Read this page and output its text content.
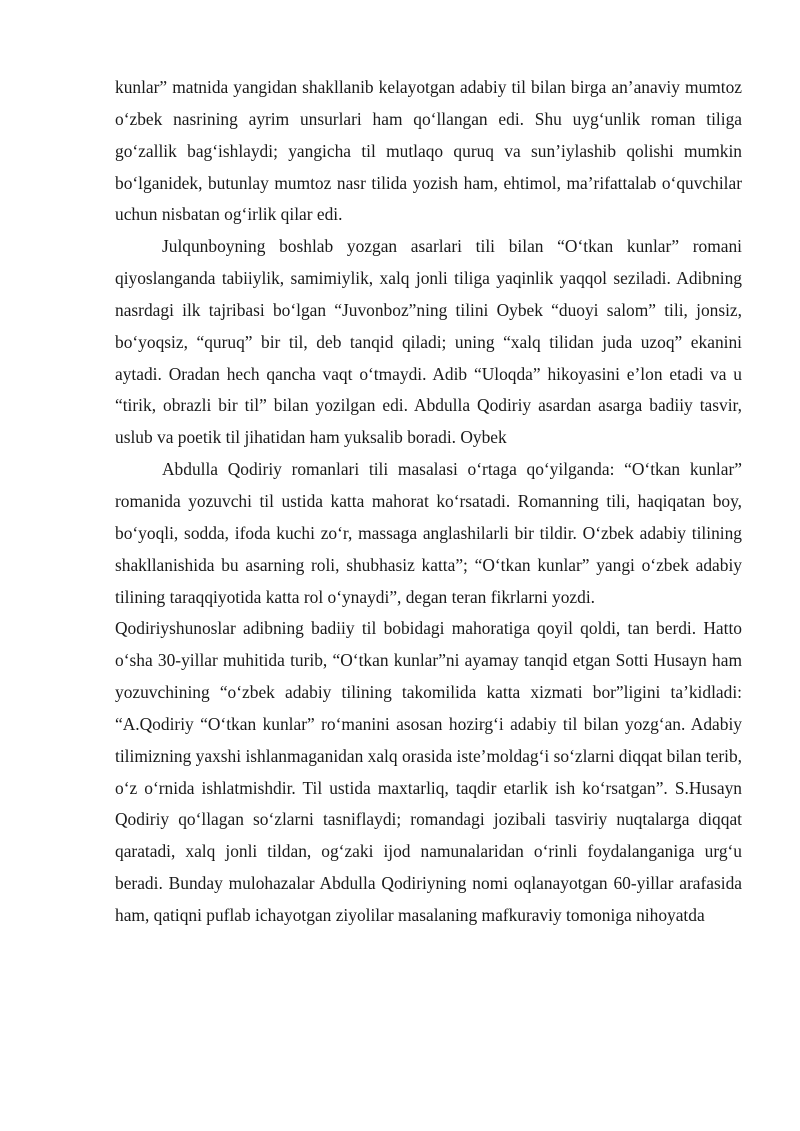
kunlar” matnida yangidan shakllanib kelayotgan adabiy til bilan birga an’anaviy mumtoz o‘zbek nasrining ayrim unsurlari ham qo‘llangan edi. Shu uyg‘unlik roman tiliga go‘zallik bag‘ishlaydi; yangicha til mutlaqo quruq va sun’iylashib qolishi mumkin bo‘lganidek, butunlay mumtoz nasr tilida yozish ham, ehtimol, ma’rifattalab o‘quvchilar uchun nisbatan og‘irlik qilar edi.

Julqunboyning boshlab yozgan asarlari tili bilan “O‘tkan kunlar” romani qiyoslanganda tabiiylik, samimiylik, xalq jonli tiliga yaqinlik yaqqol seziladi. Adibning nasrdagi ilk tajribasi bo‘lgan “Juvonboz”ning tilini Oybek “duoyi salom” tili, jonsiz, bo‘yoqsiz, “quruq” bir til, deb tanqid qiladi; uning “xalq tilidan juda uzoq” ekanini aytadi. Oradan hech qancha vaqt o‘tmaydi. Adib “Uloqda” hikoyasini e’lon etadi va u “tirik, obrazli bir til” bilan yozilgan edi. Abdulla Qodiriy asardan asarga badiiy tasvir, uslub va poetik til jihatidan ham yuksalib boradi. Oybek

Abdulla Qodiriy romanlari tili masalasi o‘rtaga qo‘yilganda: “O‘tkan kunlar” romanida yozuvchi til ustida katta mahorat ko‘rsatadi. Romanning tili, haqiqatan boy, bo‘yoqli, sodda, ifoda kuchi zo‘r, massaga anglashilarli bir tildir. O‘zbek adabiy tilining shakllanishida bu asarning roli, shubhasiz katta”; “O‘tkan kunlar” yangi o‘zbek adabiy tilining taraqqiyotida katta rol o‘ynaydi”, degan teran fikrlarni yozdi.

Qodiriyshunoslar adibning badiiy til bobidagi mahoratiga qoyil qoldi, tan berdi. Hatto o‘sha 30-yillar muhitida turib, “O‘tkan kunlar”ni ayamay tanqid etgan Sotti Husayn ham yozuvchining “o‘zbek adabiy tilining takomilida katta xizmati bor”ligini ta’kidladi: “A.Qodiriy “O‘tkan kunlar” ro‘manini asosan hozirg‘i adabiy til bilan yozg‘an. Adabiy tilimizning yaxshi ishlanmaganidan xalq orasida iste’moldag‘i so‘zlarni diqqat bilan terib, o‘z o‘rnida ishlatmishdir. Til ustida maxtarliq, taqdir etarlik ish ko‘rsatgan”. S.Husayn Qodiriy qo‘llagan so‘zlarni tasniflaydi; romandagi jozibali tasviriy nuqtalarga diqqat qaratadi, xalq jonli tildan, og‘zaki ijod namunalaridan o‘rinli foydalanganiga urg‘u beradi. Bunday mulohazalar Abdulla Qodiriyning nomi oqlanayotgan 60-yillar arafasida ham, qatiqni puflab ichayotgan ziyolilar masalaning mafkuraviy tomoniga nihoyatda
